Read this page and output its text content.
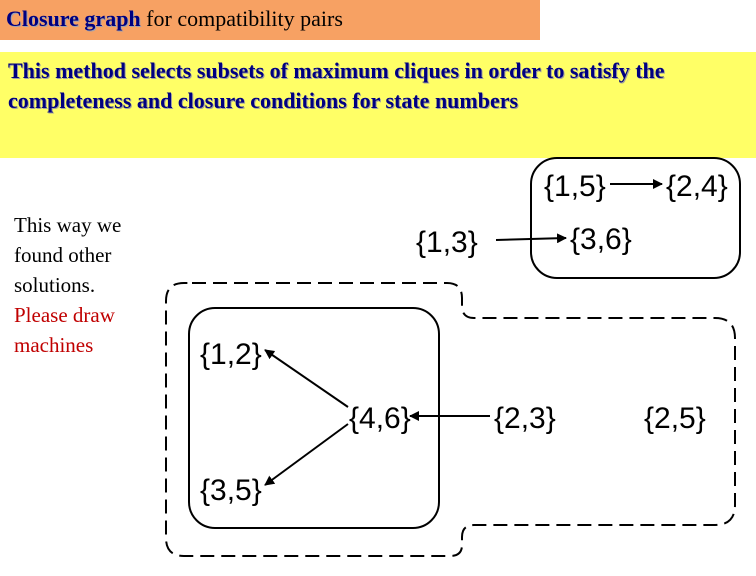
Closure graph for compatibility pairs
This method selects subsets of maximum cliques in order to satisfy the completeness and closure conditions for state numbers
This way we found other solutions.
Please draw machines
{1,5} {2,4}
{1,3}	{3,6}
{1,2}
{4,6}	{2,3}	{2,5}
{3,5}
